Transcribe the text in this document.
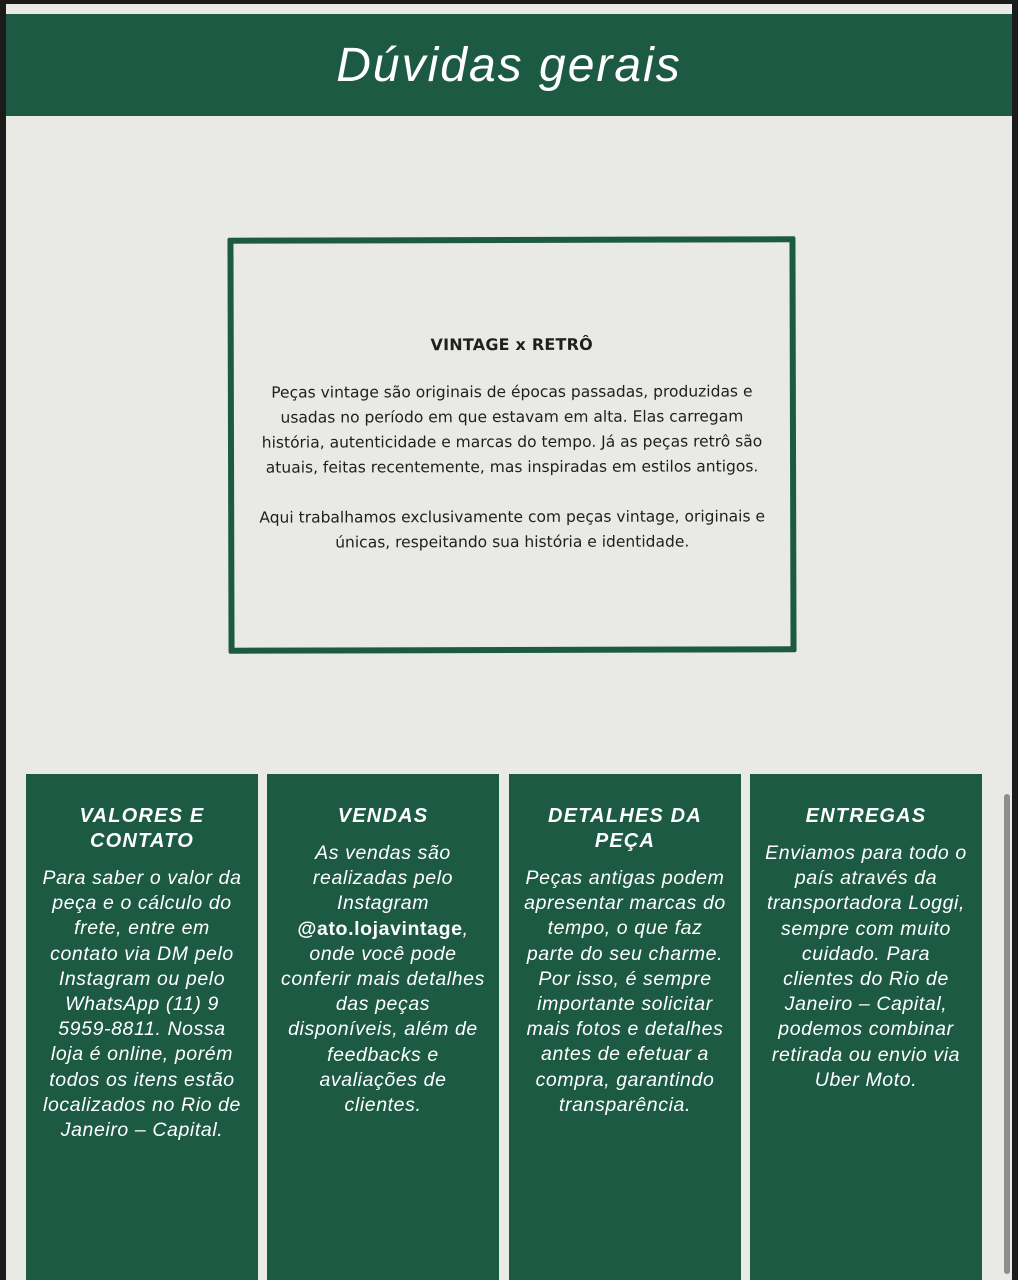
Dúvidas gerais
VINTAGE x RETRÔ

Peças vintage são originais de épocas passadas, produzidas e usadas no período em que estavam em alta. Elas carregam história, autenticidade e marcas do tempo. Já as peças retrô são atuais, feitas recentemente, mas inspiradas em estilos antigos.

Aqui trabalhamos exclusivamente com peças vintage, originais e únicas, respeitando sua história e identidade.

VALORES E CONTATO

Para saber o valor da peça e o cálculo do frete, entre em contato via DM pelo Instagram ou pelo WhatsApp (11) 9 5959-8811. Nossa loja é online, porém todos os itens estão localizados no Rio de Janeiro – Capital.

VENDAS

As vendas são realizadas pelo Instagram @ato.lojavintage, onde você pode conferir mais detalhes das peças disponíveis, além de feedbacks e avaliações de clientes.

DETALHES DA PEÇA

Peças antigas podem apresentar marcas do tempo, o que faz parte do seu charme. Por isso, é sempre importante solicitar mais fotos e detalhes antes de efetuar a compra, garantindo transparência.

ENTREGAS

Enviamos para todo o país através da transportadora Loggi, sempre com muito cuidado. Para clientes do Rio de Janeiro – Capital, podemos combinar retirada ou envio via Uber Moto.
